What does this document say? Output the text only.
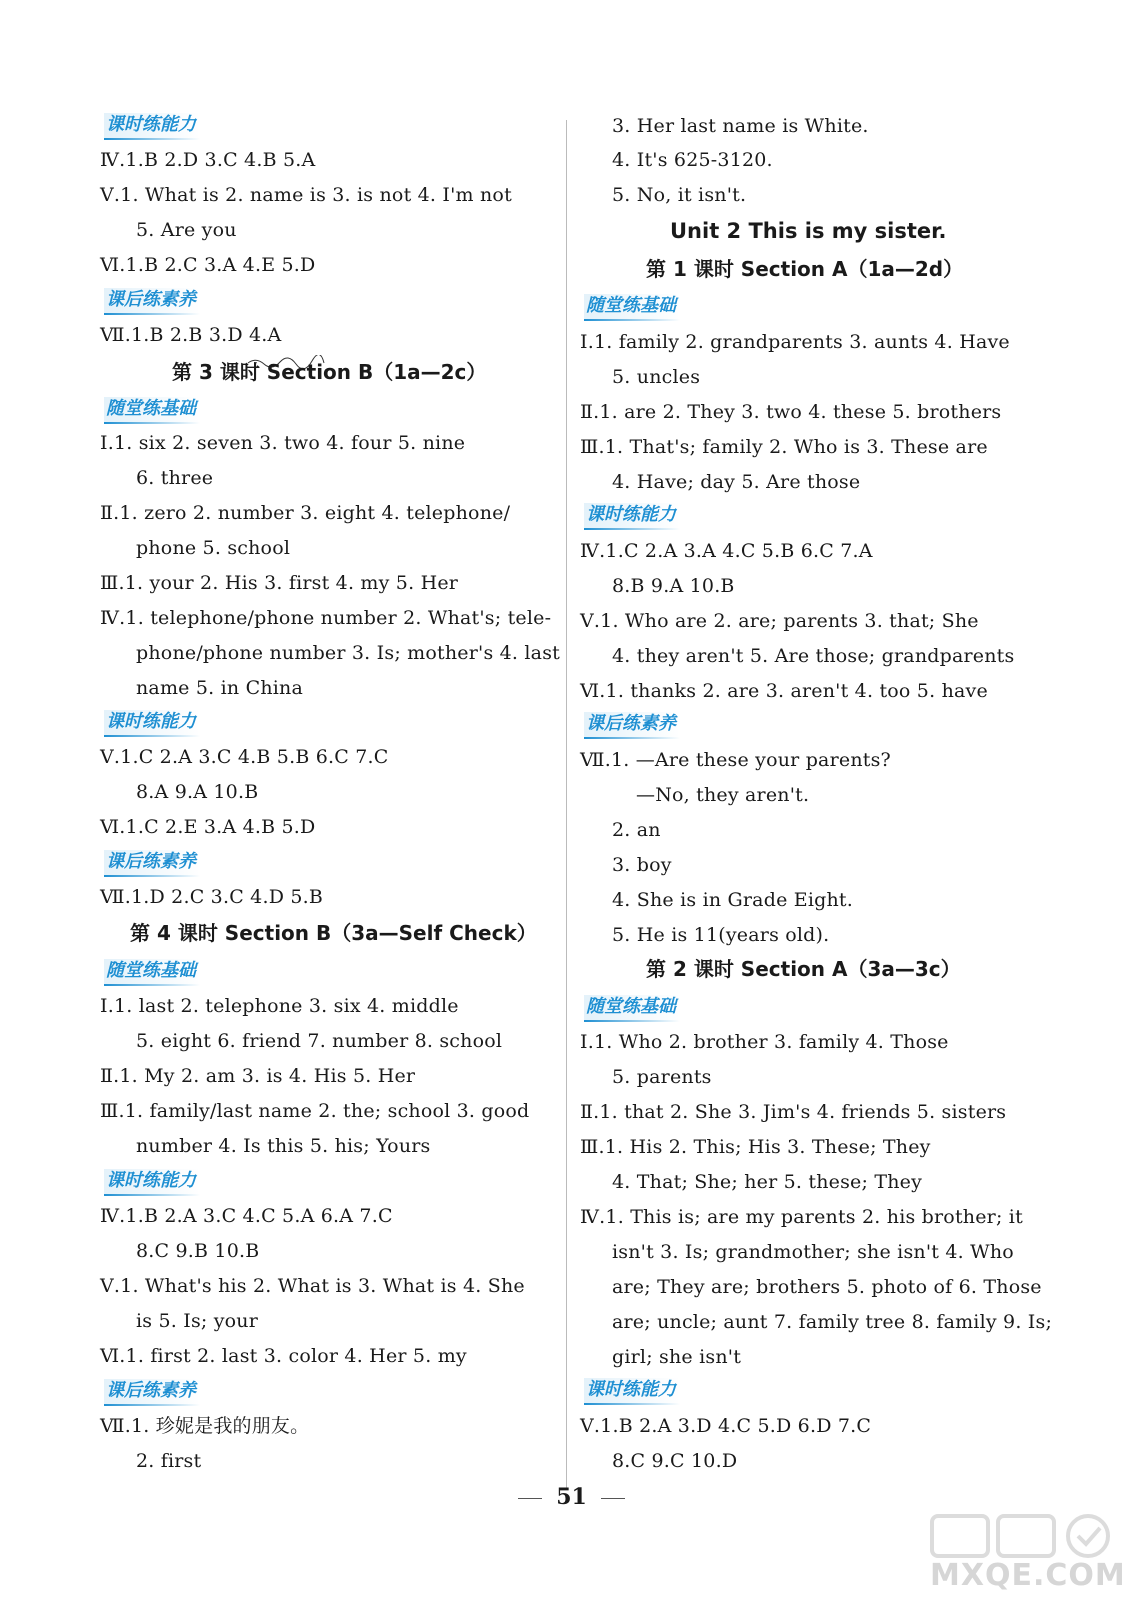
课时练能力
Ⅳ.1.B 2.D 3.C 4.B 5.A
Ⅴ.1. What is 2. name is 3. is not 4. I'm not
5. Are you
Ⅵ.1.B 2.C 3.A 4.E 5.D
课后练素养
Ⅶ.1.B 2.B 3.D 4.A
第 3 课时 Section B（1a—2c）
随堂练基础
Ⅰ.1. six 2. seven 3. two 4. four 5. nine
6. three
Ⅱ.1. zero 2. number 3. eight 4. telephone/
phone 5. school
Ⅲ.1. your 2. His 3. first 4. my 5. Her
Ⅳ.1. telephone/phone number 2. What's; tele-
phone/phone number 3. Is; mother's 4. last
name 5. in China
课时练能力
Ⅴ.1.C 2.A 3.C 4.B 5.B 6.C 7.C
8.A 9.A 10.B
Ⅵ.1.C 2.E 3.A 4.B 5.D
课后练素养
Ⅶ.1.D 2.C 3.C 4.D 5.B
第 4 课时 Section B（3a—Self Check）
随堂练基础
Ⅰ.1. last 2. telephone 3. six 4. middle
5. eight 6. friend 7. number 8. school
Ⅱ.1. My 2. am 3. is 4. His 5. Her
Ⅲ.1. family/last name 2. the; school 3. good
number 4. Is this 5. his; Yours
课时练能力
Ⅳ.1.B 2.A 3.C 4.C 5.A 6.A 7.C
8.C 9.B 10.B
Ⅴ.1. What's his 2. What is 3. What is 4. She
is 5. Is; your
Ⅵ.1. first 2. last 3. color 4. Her 5. my
课后练素养
Ⅶ.1. 珍妮是我的朋友。
2. first
3. Her last name is White.
4. It's 625-3120.
5. No, it isn't.
Unit 2 This is my sister.
第 1 课时 Section A（1a—2d）
随堂练基础
Ⅰ.1. family 2. grandparents 3. aunts 4. Have
5. uncles
Ⅱ.1. are 2. They 3. two 4. these 5. brothers
Ⅲ.1. That's; family 2. Who is 3. These are
4. Have; day 5. Are those
课时练能力
Ⅳ.1.C 2.A 3.A 4.C 5.B 6.C 7.A
8.B 9.A 10.B
Ⅴ.1. Who are 2. are; parents 3. that; She
4. they aren't 5. Are those; grandparents
Ⅵ.1. thanks 2. are 3. aren't 4. too 5. have
课后练素养
Ⅶ.1. —Are these your parents?
—No, they aren't.
2. an
3. boy
4. She is in Grade Eight.
5. He is 11(years old).
第 2 课时 Section A（3a—3c）
随堂练基础
Ⅰ.1. Who 2. brother 3. family 4. Those
5. parents
Ⅱ.1. that 2. She 3. Jim's 4. friends 5. sisters
Ⅲ.1. His 2. This; His 3. These; They
4. That; She; her 5. these; They
Ⅳ.1. This is; are my parents 2. his brother; it
isn't 3. Is; grandmother; she isn't 4. Who
are; They are; brothers 5. photo of 6. Those
are; uncle; aunt 7. family tree 8. family 9. Is;
girl; she isn't
课时练能力
Ⅴ.1.B 2.A 3.D 4.C 5.D 6.D 7.C
8.C 9.C 10.D
51
MXQE.COM
